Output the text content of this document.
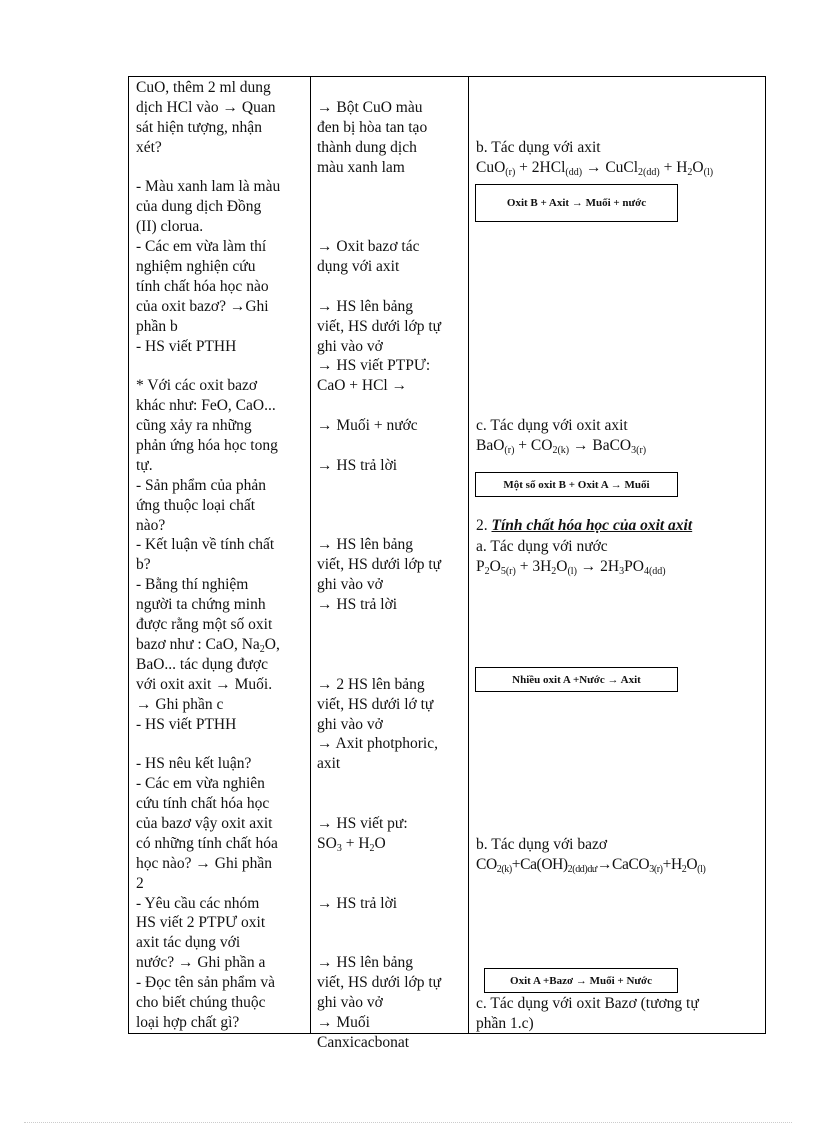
CuO, thêm 2 ml dung
dịch HCl vào → Quan
sát hiện tượng, nhận
xét?
- Màu xanh lam là màu
của dung dịch Đồng
(II) clorua.
- Các em vừa làm thí
nghiệm nghiện cứu
tính chất hóa học nào
của oxit bazơ? →Ghi
phần b
- HS viết PTHH
* Với các oxit bazơ
khác như: FeO, CaO...
cũng xảy ra những
phản ứng hóa học tong
tự.
- Sản phẩm của phản
ứng thuộc loại chất
nào?
- Kết luận về tính chất
b?
- Bằng thí nghiệm
người ta chứng minh
được rằng một số oxit
bazơ như : CaO, $Na_2O$,
BaO... tác dụng được
với oxit axit → Muối.
→ Ghi phần c
- HS viết PTHH
- HS nêu kết luận?
- Các em vừa nghiên
cứu tính chất hóa học
của bazơ vậy oxit axit
có những tính chất hóa
học nào? → Ghi phần
2
- Yêu cầu các nhóm
HS viết 2 PTPƯ oxit
axit tác dụng với
nước? → Ghi phần a
- Đọc tên sản phẩm và
cho biết chúng thuộc
loại hợp chất gì?
→ Bột CuO màu
đen bị hòa tan tạo
thành dung dịch
màu xanh lam
→ Oxit bazơ tác
dụng với axit
→ HS lên bảng
viết, HS dưới lớp tự
ghi vào vở
→ HS viết PTPƯ:
CaO + HCl →
→ Muối + nước
→ HS trả lời
→ HS lên bảng
viết, HS dưới lớp tự
ghi vào vở
→ HS trả lời
→ 2 HS lên bảng
viết, HS dưới lớ tự
ghi vào vở
→ Axit photphoric,
axit
→ HS viết pư:
$SO_3 + H_2O$
→ HS trả lời
→ HS lên bảng
viết, HS dưới lớp tự
ghi vào vở
→ Muối
Canxicacbonat
b. Tác dụng với axit
CuO$_{(r)}$ + 2HCl$_{(dd)}$ → CuCl$_{2(dd)}$ + $H_2O_{(l)}$
Oxit B + Axit → Muối + nước
c. Tác dụng với oxit axit
$BaO_{(r)} + CO_{2(k)}$ → BaCO$_{3(r)}$
Một số oxit B + Oxit A → Muối
2. Tính chất hóa học của oxit axit
a. Tác dụng với nước
$P_2O_{5(r)} + 3H_2O_{(l)} \to 2H_3PO_{4(dd)}$
Nhiều oxit A +Nước → Axit
b. Tác dụng với bazơ
$CO_{2(k)}+Ca(OH)_{2(dd)dư}\to CaCO_{3(r)}+H_2O_{(l)}$
Oxit A +Bazơ → Muối + Nước
c. Tác dụng với oxit Bazơ (tương tự
phần 1.c)
